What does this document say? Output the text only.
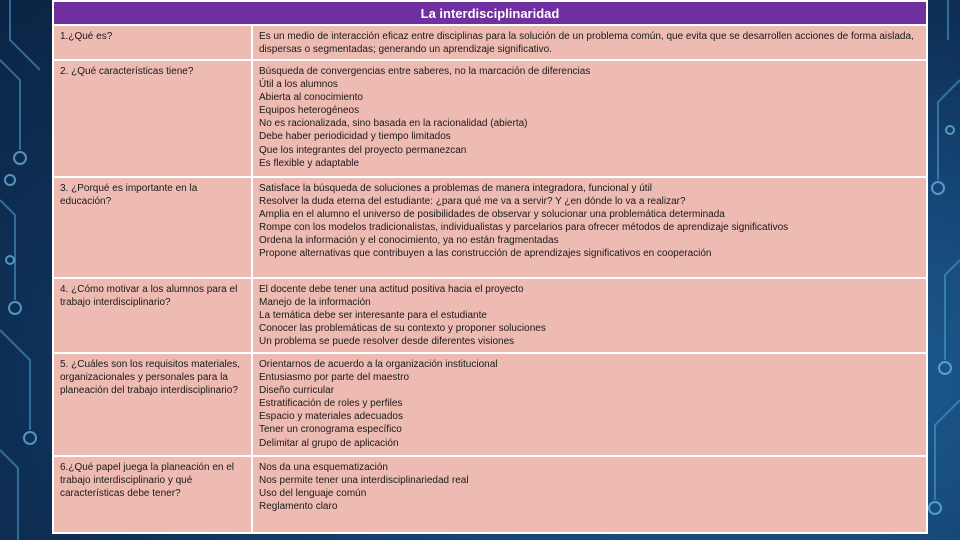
La interdisciplinaridad
1.¿Qué es?	Es un medio de interacción eficaz entre disciplinas para la solución de un problema común, que evita que se desarrollen acciones de forma aislada, dispersas o segmentadas; generando un aprendizaje significativo.
2. ¿Qué características tiene?	Búsqueda de convergencias entre saberes, no la marcación de diferencias
Útil a los alumnos
Abierta al conocimiento
Equipos heterogéneos
No es racionalizada, sino basada en la racionalidad (abierta)
Debe haber periodicidad y tiempo limitados
Que los integrantes del proyecto permanezcan
Es flexible y adaptable
3. ¿Porqué es importante en la educación?
Satisface la búsqueda de soluciones a problemas de manera integradora, funcional y útil
Resolver la duda eterna del estudiante: ¿para qué me va a servir? Y ¿en dónde lo va a realizar?
Amplia en el alumno el universo de posibilidades de observar y solucionar una problemática determinada
Rompe con los modelos tradicionalistas, individualistas y parcelarios para ofrecer métodos de aprendizaje significativos
Ordena la información y el conocimiento, ya no están fragmentadas
Propone alternativas que contribuyen a las construcción de aprendizajes significativos en cooperación
4. ¿Cómo motivar a los alumnos para el trabajo interdisciplinario?
El docente debe tener una actitud positiva hacia el proyecto
Manejo de la información
La temática debe ser interesante para el estudiante
Conocer las problemáticas de su contexto y proponer soluciones
Un problema se puede resolver desde diferentes visiones
5. ¿Cuáles son los requisitos materiales, organizacionales y personales para la planeación del trabajo interdisciplinario?
Orientarnos de acuerdo a la organización institucional
Entusiasmo por parte del maestro
Diseño curricular
Estratificación de roles y perfiles
Espacio y materiales adecuados
Tener un cronograma específico
Delimitar al grupo de aplicación
6.¿Qué papel juega la planeación en el trabajo interdisciplinario y qué características debe tener?
Nos da una esquematización
Nos permite tener una interdisciplinariedad real
Uso del lenguaje común
Reglamento claro
